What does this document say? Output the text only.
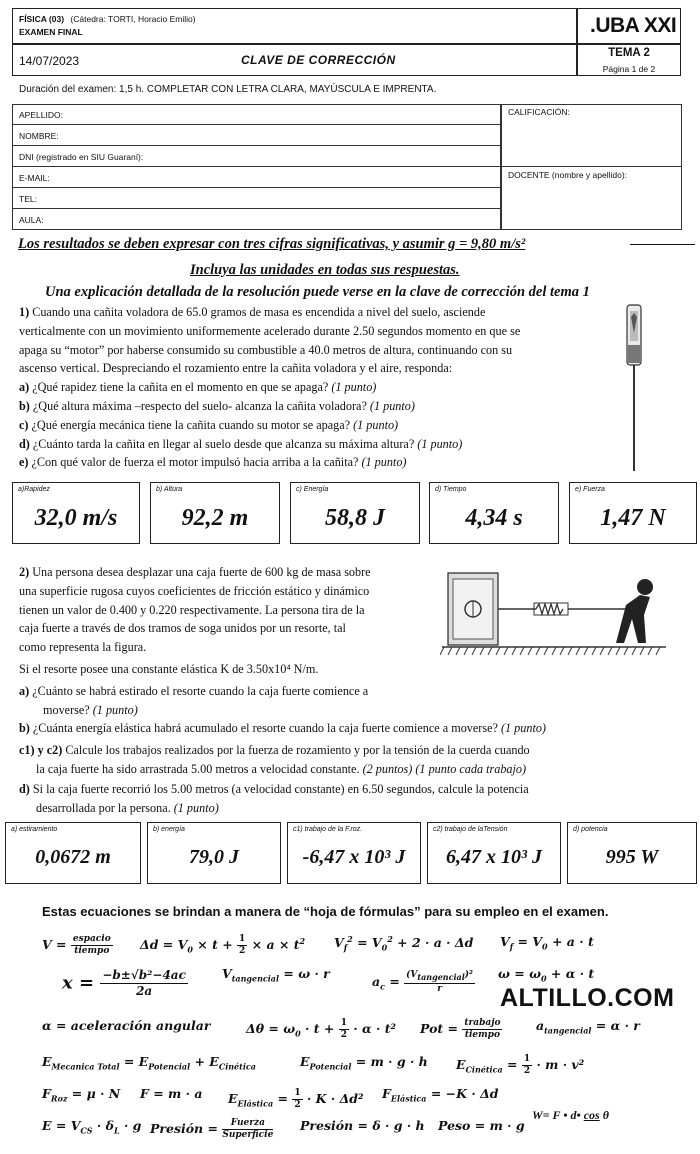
FÍSICA (03) (Cátedra: TORTI, Horacio Emilio)
EXAMEN FINAL	.UBA XXI
14/07/2023	CLAVE DE CORRECCIÓN	TEMA 2
Página 1 de 2
Duración del examen: 1,5 h. COMPLETAR CON LETRA CLARA, MAYÚSCULA E IMPRENTA.
APELLIDO:
NOMBRE:
DNI (registrado en SIU Guaraní):
E-MAIL:
TEL:
AULA:
CALIFICACIÓN:
DOCENTE (nombre y apellido):
Los resultados se deben expresar con tres cifras significativas, y asumir g = 9,80 m/s²
Incluya las unidades en todas sus respuestas.
Una explicación detallada de la resolución puede verse en la clave de corrección del tema 1

1) Cuando una cañita voladora de 65.0 gramos de masa es encendida a nivel del suelo, asciende

verticalmente con un movimiento uniformemente acelerado durante 2.50 segundos momento en que se

apaga su “motor” por haberse consumido su combustible a 40.0 metros de altura, continuando con su

ascenso vertical. Despreciando el rozamiento entre la cañita voladora y el aire, responda:

a) ¿Qué rapidez tiene la cañita en el momento en que se apaga? (1 punto)

b) ¿Qué altura máxima –respecto del suelo- alcanza la cañita voladora? (1 punto)

c) ¿Qué energía mecánica tiene la cañita cuando su motor se apaga? (1 punto)

d) ¿Cuánto tarda la cañita en llegar al suelo desde que alcanza su máxima altura? (1 punto)

e) ¿Con qué valor de fuerza el motor impulsó hacia arriba a la cañita? (1 punto)

a)Rapidez
32,0 m/s
b) Altura
92,2 m
c) Energía
58,8 J
d) Tiempo
4,34 s
e) Fuerza
1,47 N

2) Una persona desea desplazar una caja fuerte de 600 kg de masa sobre

una superficie rugosa cuyos coeficientes de fricción estático y dinámico

tienen un valor de 0.400 y 0.220 respectivamente. La persona tira de la

caja fuerte a través de dos tramos de soga unidos por un resorte, tal

como representa la figura.

Si el resorte posee una constante elástica K de 3.50x10⁴ N/m.

a) ¿Cuánto se habrá estirado el resorte cuando la caja fuerte comience a

moverse? (1 punto)

b) ¿Cuánta energía elástica habrá acumulado el resorte cuando la caja fuerte comience a moverse? (1 punto)

c1) y c2) Calcule los trabajos realizados por la fuerza de rozamiento y por la tensión de la cuerda cuando

la caja fuerte ha sido arrastrada 5.00 metros a velocidad constante. (2 puntos) (1 punto cada trabajo)

d) Si la caja fuerte recorrió los 5.00 metros (a velocidad constante) en 6.50 segundos, calcule la potencia

desarrollada por la persona. (1 punto)

a) estiramiento
0,0672 m
b) energía
79,0 J
c1) trabajo de la F.roz.
-6,47 x 10³ J
c2) trabajo de laTensión
6,47 x 10³ J
d) potencia
995 W
Estas ecuaciones se brindan a manera de “hoja de fórmulas” para su empleo en el examen.
$V = \frac{\text{espacio}}{\text{tiempo}}$ $\Delta d = V_0 \times t + \frac{1}{2} \times a \times t^2$ $V_f^2 = V_0^2 + 2 \cdot a \cdot \Delta d$ $V_f = V_0 + a \cdot t$
$x = \frac{\text{−b±√b²−4ac}}{2a}$	$V_{tangencial} = \omega \cdot r$
$a_c = \frac{(V_{tangencial})^2}{r}$ $\omega = \omega_0 + \alpha \cdot t$
ALTILLO.COM
α = aceleración angular	$\Delta\theta = \omega_0 \cdot t + \frac{1}{2} \cdot \alpha \cdot t^2$ Pot = $\frac{\text{trabajo}}{\text{tiempo}}$	$a_{tangencial} = \alpha \cdot r$
$E_{Mecanica Total} = E_{Potencial} + E_{Cinética}$	$E_{Potencial} = m \cdot g \cdot h$ $E_{Cinética} = \frac{1}{2} \cdot m \cdot v^2$
$F_{Roz} = \mu \cdot N$ F = m · a $E_{Elástica} = \frac{1}{2} \cdot K \cdot \Delta d^2$ $F_{Elástica} = -K \cdot \Delta d$
$E = V_{CS} \cdot \delta_L \cdot g$ Presión = $\frac{\text{Fuerza}}{\text{Superficie}}$ Presión = δ · g · h Peso = m · g
W= F • d• cos θ
